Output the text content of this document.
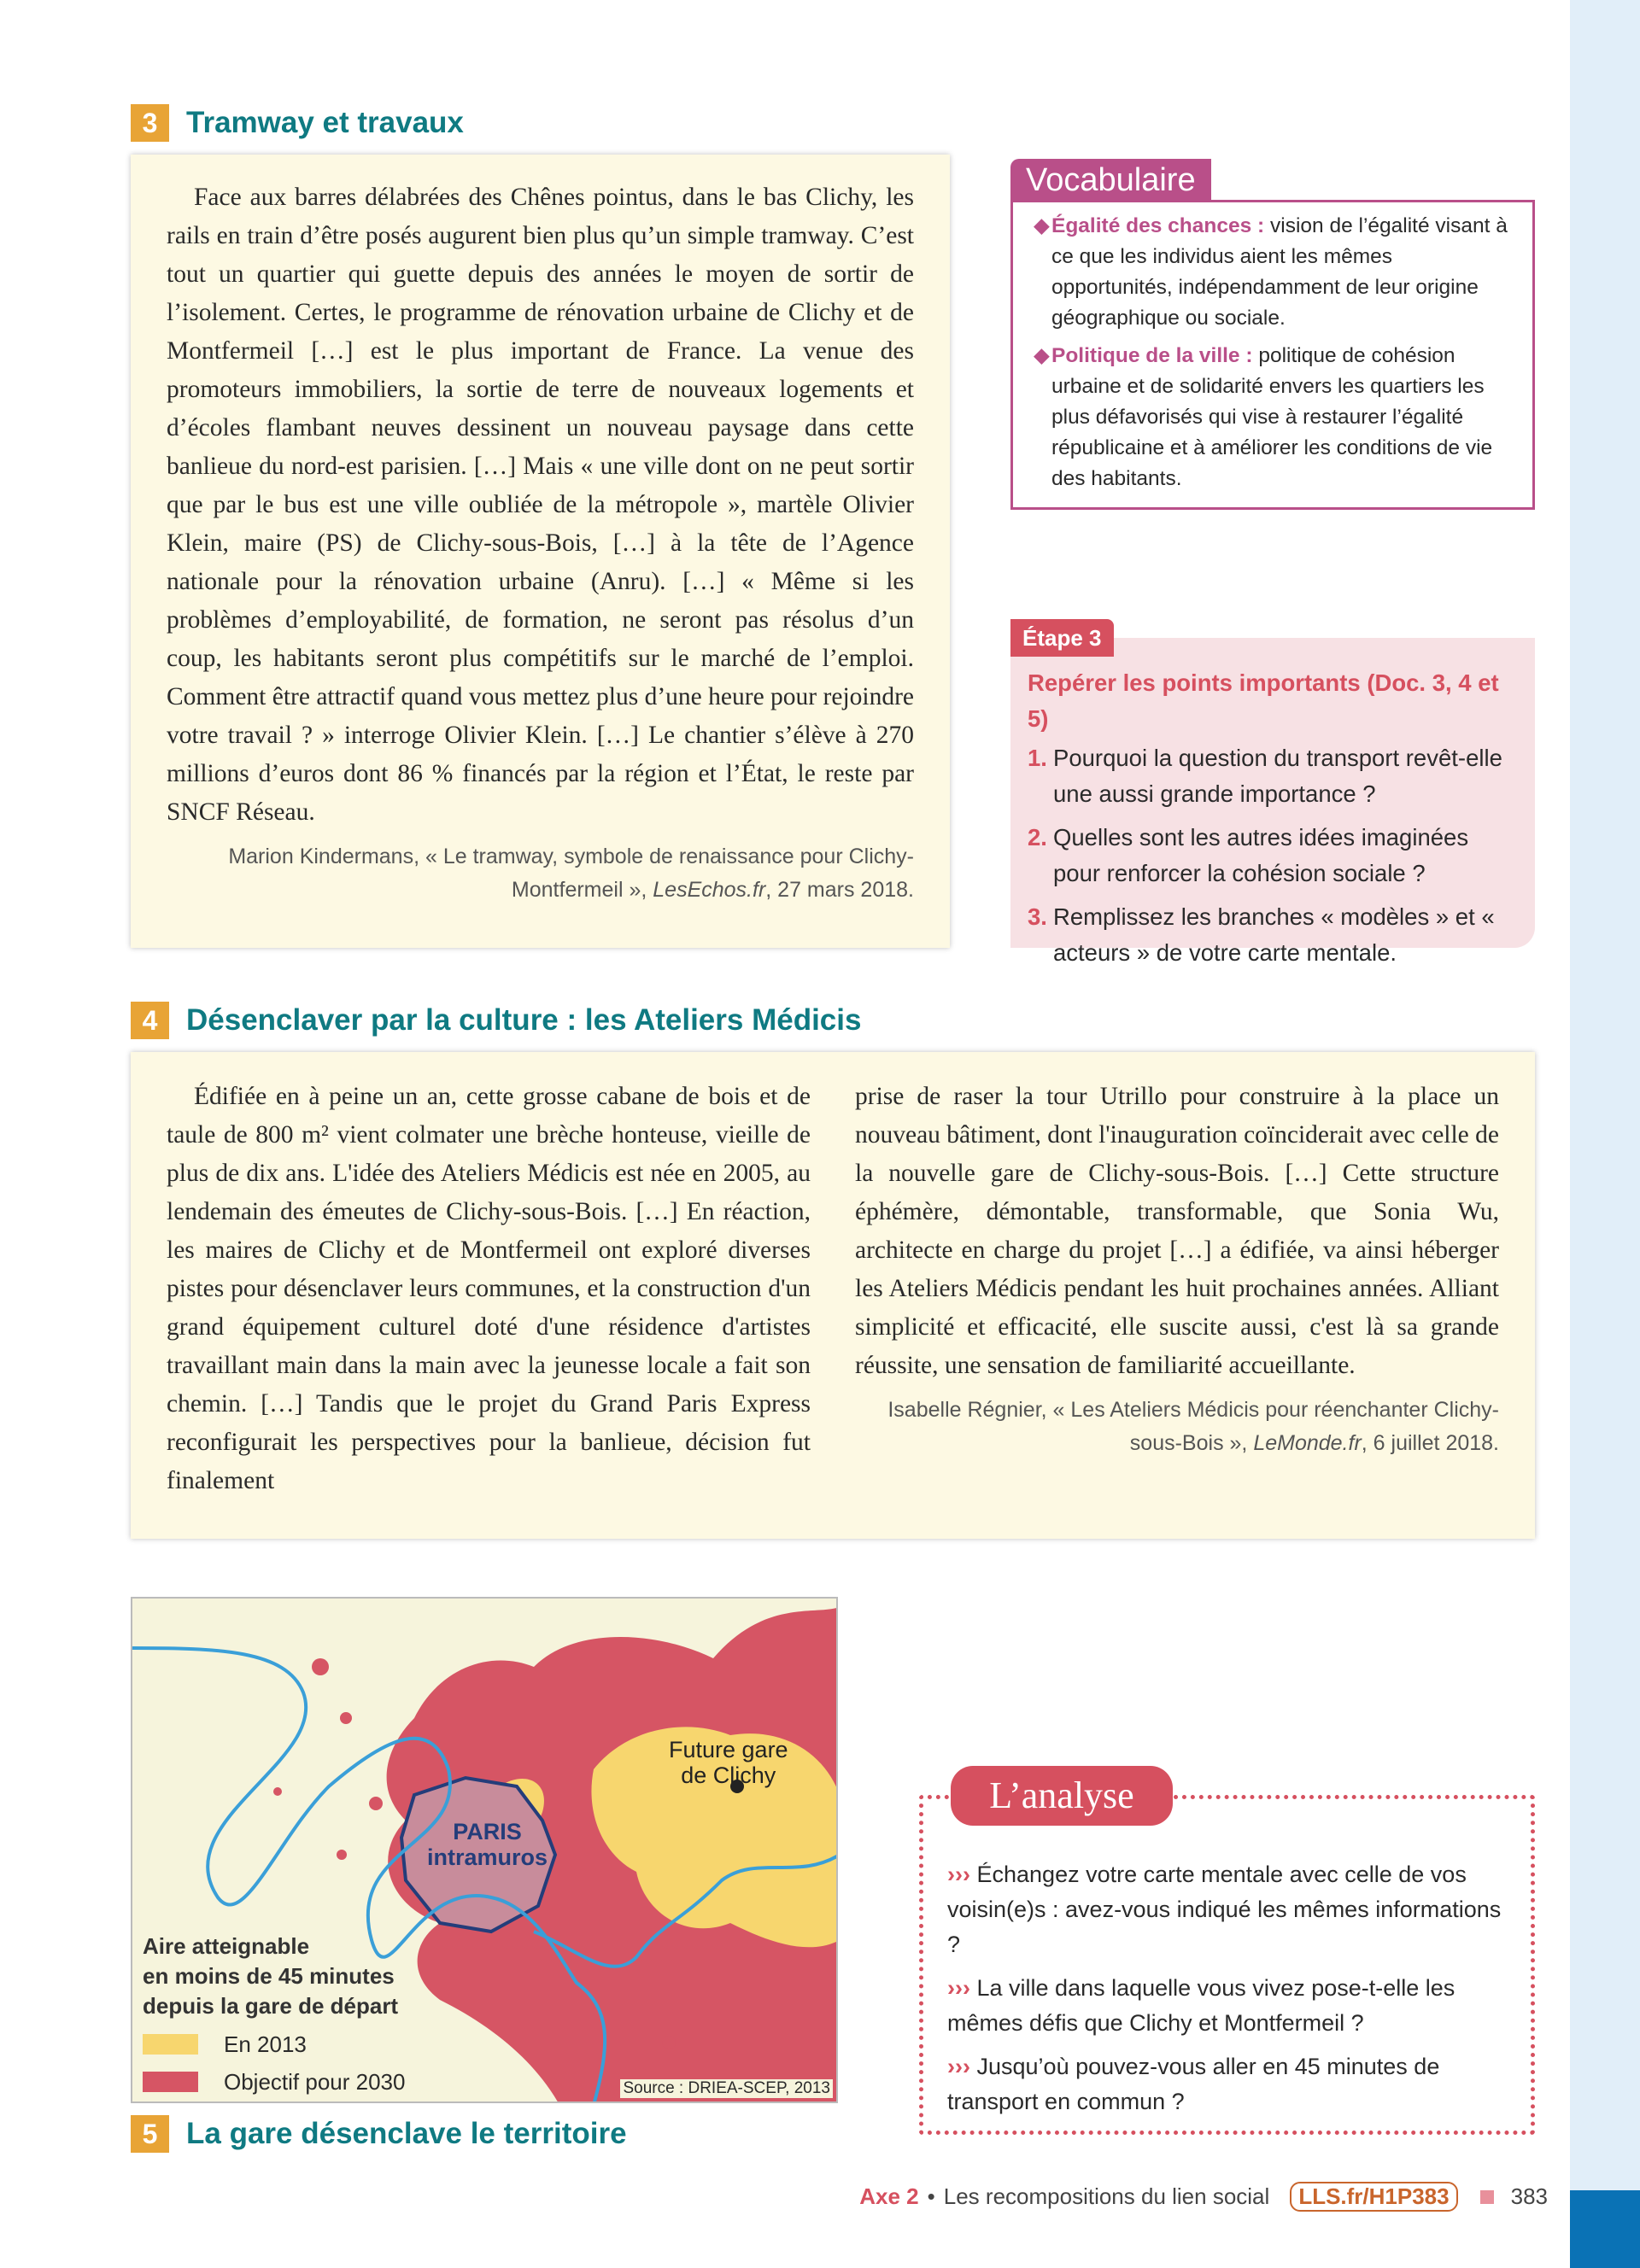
3 Tramway et travaux

Face aux barres délabrées des Chênes pointus, dans le bas Clichy, les rails en train d’être posés augurent bien plus qu’un simple tramway. C’est tout un quartier qui guette depuis des années le moyen de sortir de l’isolement. Certes, le programme de rénovation urbaine de Clichy et de Montfermeil […] est le plus important de France. La venue des promoteurs immobiliers, la sortie de terre de nouveaux logements et d’écoles flambant neuves dessinent un nouveau paysage dans cette banlieue du nord-est parisien. […] Mais « une ville dont on ne peut sortir que par le bus est une ville oubliée de la métropole », martèle Olivier Klein, maire (PS) de Clichy-sous-Bois, […] à la tête de l’Agence nationale pour la rénovation urbaine (Anru). […] « Même si les problèmes d’employabilité, de formation, ne seront pas résolus d’un coup, les habitants seront plus compétitifs sur le marché de l’emploi. Comment être attractif quand vous mettez plus d’une heure pour rejoindre votre travail ? » interroge Olivier Klein. […] Le chantier s’élève à 270 millions d’euros dont 86 % financés par la région et l’État, le reste par SNCF Réseau.

Marion Kindermans, « Le tramway, symbole de renaissance pour Clichy-Montfermeil », LesEchos.fr, 27 mars 2018.
Vocabulaire
◆ Égalité des chances : vision de l’égalité visant à ce que les individus aient les mêmes opportunités, indépendamment de leur origine géographique ou sociale.
◆ Politique de la ville : politique de cohésion urbaine et de solidarité envers les quartiers les plus défavorisés qui vise à restaurer l’égalité républicaine et à améliorer les conditions de vie des habitants.
Étape 3
Repérer les points importants (Doc. 3, 4 et 5)
1. Pourquoi la question du transport revêt-elle une aussi grande importance ?
2. Quelles sont les autres idées imaginées pour renforcer la cohésion sociale ?
3. Remplissez les branches « modèles » et « acteurs » de votre carte mentale.
4 Désenclaver par la culture : les Ateliers Médicis

Édifiée en à peine un an, cette grosse cabane de bois et de taule de 800 m² vient colmater une brèche honteuse, vieille de plus de dix ans. L'idée des Ateliers Médicis est née en 2005, au lendemain des émeutes de Clichy-sous-Bois. […] En réaction, les maires de Clichy et de Montfermeil ont exploré diverses pistes pour désenclaver leurs communes, et la construction d'un grand équipement culturel doté d'une résidence d'artistes travaillant main dans la main avec la jeunesse locale a fait son chemin. […] Tandis que le projet du Grand Paris Express reconfigurait les perspectives pour la banlieue, décision fut finalement

prise de raser la tour Utrillo pour construire à la place un nouveau bâtiment, dont l'inauguration coïnciderait avec celle de la nouvelle gare de Clichy-sous-Bois. […] Cette structure éphémère, démontable, transformable, que Sonia Wu, architecte en charge du projet […] a édifiée, va ainsi héberger les Ateliers Médicis pendant les huit prochaines années. Alliant simplicité et efficacité, elle suscite aussi, c'est là sa grande réussite, une sensation de familiarité accueillante.

Isabelle Régnier, « Les Ateliers Médicis pour réenchanter Clichy-sous-Bois », LeMonde.fr, 6 juillet 2018.
Future gare
de Clichy
PARIS
intramuros
Aire atteignable
en moins de 45 minutes
depuis la gare de départ
En 2013
Objectif pour 2030	Source : DRIEA-SCEP, 2013
5 La gare désenclave le territoire
››› Échangez votre carte mentale avec celle de vos voisin(e)s : avez-vous indiqué les mêmes informations ?
››› La ville dans laquelle vous vivez pose-t-elle les mêmes défis que Clichy et Montfermeil ?
››› Jusqu’où pouvez-vous aller en 45 minutes de transport en commun ?
L’analyse
Axe 2 • Les recompositions du lien social	LLS.fr/H1P383	383
